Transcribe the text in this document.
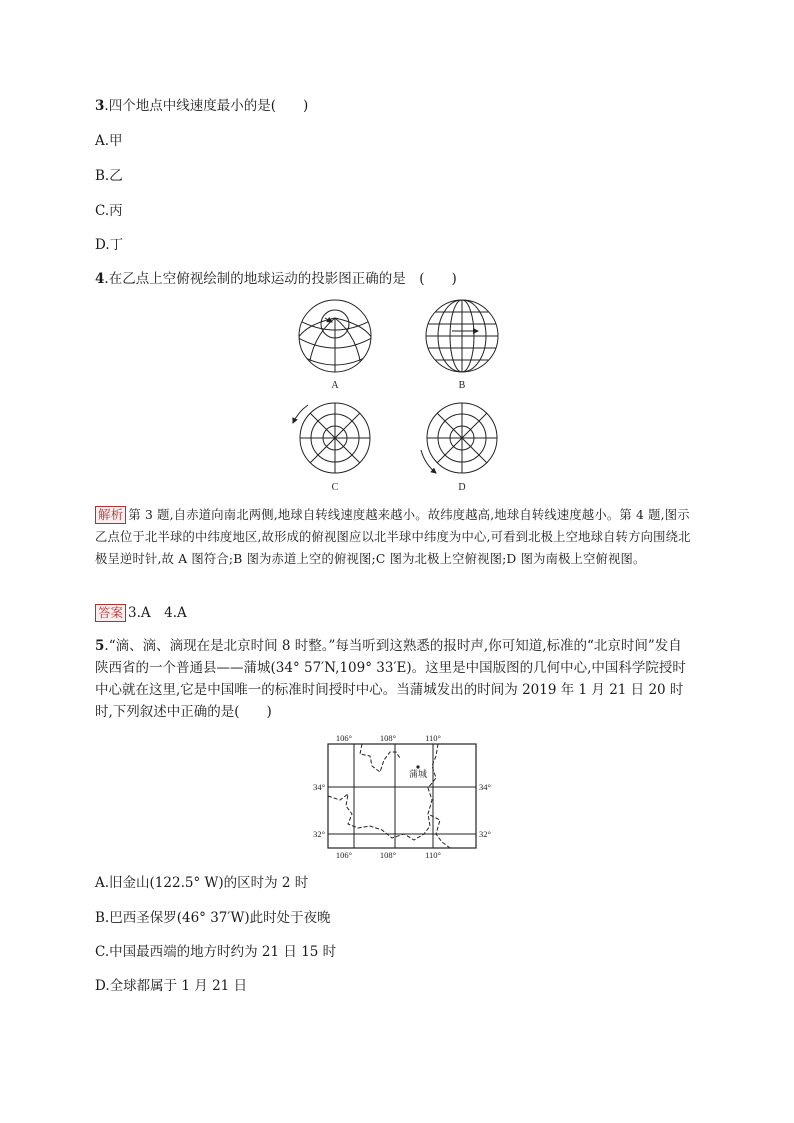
3.四个地点中线速度最小的是(　　)
A.甲
B.乙
C.丙
D.丁
4.在乙点上空俯视绘制的地球运动的投影图正确的是　(　　)
A	B
C	D
解析 第 3 题,自赤道向南北两侧,地球自转线速度越来越小。故纬度越高,地球自转线速度越小。第 4 题,图示乙点位于北半球的中纬度地区,故形成的俯视图应以北半球中纬度为中心,可看到北极上空地球自转方向围绕北极呈逆时针,故 A 图符合;B 图为赤道上空的俯视图;C 图为北极上空俯视图;D 图为南极上空俯视图。
答案 3.A　4.A
5.“滴、滴、滴现在是北京时间 8 时整。”每当听到这熟悉的报时声,你可知道,标准的“北京时间”发自陕西省的一个普通县——蒲城(34° 57′N,109° 33′E)。这里是中国版图的几何中心,中国科学院授时中心就在这里,它是中国唯一的标准时间授时中心。当蒲城发出的时间为 2019 年 1 月 21 日 20 时时,下列叙述中正确的是(　　)
蒲城
106°	108°	110°
106°	108°	110°
34°
32°
34°
32°
A.旧金山(122.5° W)的区时为 2 时
B.巴西圣保罗(46° 37′W)此时处于夜晚
C.中国最西端的地方时约为 21 日 15 时
D.全球都属于 1 月 21 日
